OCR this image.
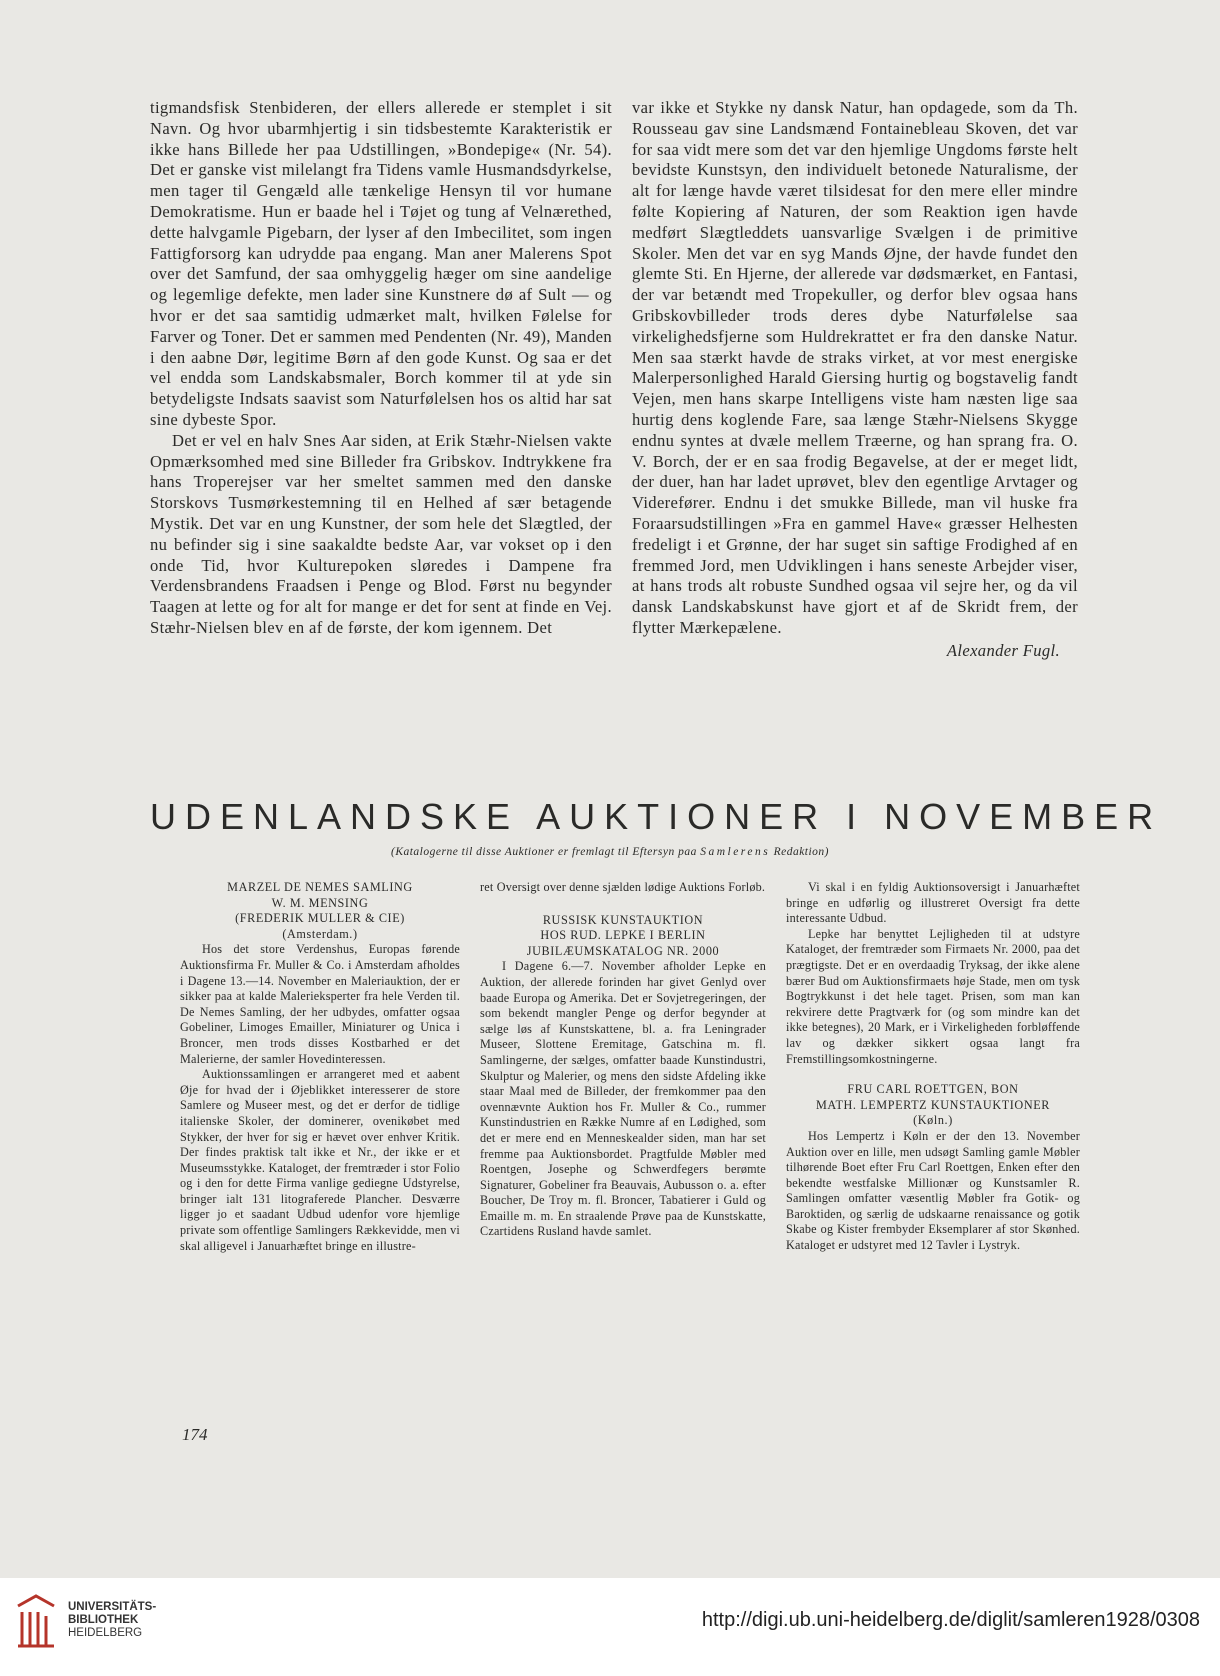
tigmandsfisk Stenbideren, der ellers allerede er stemplet i sit Navn. Og hvor ubarmhjertig i sin tidsbestemte Karakteristik er ikke hans Billede her paa Udstillingen, »Bondepige« (Nr. 54). Det er ganske vist milelangt fra Tidens vamle Husmandsdyrkelse, men tager til Gengæld alle tænkelige Hensyn til vor humane Demokratisme. Hun er baade hel i Tøjet og tung af Velnærethed, dette halvgamle Pigebarn, der lyser af den Imbecilitet, som ingen Fattigforsorg kan udrydde paa engang. Man aner Malerens Spot over det Samfund, der saa omhyggelig hæger om sine aandelige og legemlige defekte, men lader sine Kunstnere dø af Sult — og hvor er det saa samtidig udmærket malt, hvilken Følelse for Farver og Toner. Det er sammen med Pendenten (Nr. 49), Manden i den aabne Dør, legitime Børn af den gode Kunst. Og saa er det vel endda som Landskabsmaler, Borch kommer til at yde sin betydeligste Indsats saavist som Naturfølelsen hos os altid har sat sine dybeste Spor.

Det er vel en halv Snes Aar siden, at Erik Stæhr-Nielsen vakte Opmærksomhed med sine Billeder fra Gribskov. Indtrykkene fra hans Troperejser var her smeltet sammen med den danske Storskovs Tusmørkestemning til en Helhed af sær betagende Mystik. Det var en ung Kunstner, der som hele det Slægtled, der nu befinder sig i sine saakaldte bedste Aar, var vokset op i den onde Tid, hvor Kulturepoken sløredes i Dampene fra Verdensbrandens Fraadsen i Penge og Blod. Først nu begynder Taagen at lette og for alt for mange er det for sent at finde en Vej. Stæhr-Nielsen blev en af de første, der kom igennem. Det

var ikke et Stykke ny dansk Natur, han opdagede, som da Th. Rousseau gav sine Landsmænd Fontainebleau Skoven, det var for saa vidt mere som det var den hjemlige Ungdoms første helt bevidste Kunstsyn, den individuelt betonede Naturalisme, der alt for længe havde været tilsidesat for den mere eller mindre følte Kopiering af Naturen, der som Reaktion igen havde medført Slægtleddets uansvarlige Svælgen i de primitive Skoler. Men det var en syg Mands Øjne, der havde fundet den glemte Sti. En Hjerne, der allerede var dødsmærket, en Fantasi, der var betændt med Tropekuller, og derfor blev ogsaa hans Gribskovbilleder trods deres dybe Naturfølelse saa virkelighedsfjerne som Huldrekrattet er fra den danske Natur. Men saa stærkt havde de straks virket, at vor mest energiske Malerpersonlighed Harald Giersing hurtig og bogstavelig fandt Vejen, men hans skarpe Intelligens viste ham næsten lige saa hurtig dens koglende Fare, saa længe Stæhr-Nielsens Skygge endnu syntes at dvæle mellem Træerne, og han sprang fra. O. V. Borch, der er en saa frodig Begavelse, at der er meget lidt, der duer, han har ladet uprøvet, blev den egentlige Arvtager og Viderefører. Endnu i det smukke Billede, man vil huske fra Foraarsudstillingen »Fra en gammel Have« græsser Helhesten fredeligt i et Grønne, der har suget sin saftige Frodighed af en fremmed Jord, men Udviklingen i hans seneste Arbejder viser, at hans trods alt robuste Sundhed ogsaa vil sejre her, og da vil dansk Landskabskunst have gjort et af de Skridt frem, der flytter Mærkepælene.

Alexander Fugl.

UDENLANDSKE AUKTIONER I NOVEMBER
(Katalogerne til disse Auktioner er fremlagt til Eftersyn paa Samlerens Redaktion)

MARZEL DE NEMES SAMLING

W. M. MENSING

(FREDERIK MULLER & CIE)

(Amsterdam.)

Hos det store Verdenshus, Europas førende Auktionsfirma Fr. Muller & Co. i Amsterdam afholdes i Dagene 13.—14. November en Maleriauktion, der er sikker paa at kalde Malerieksperter fra hele Verden til. De Nemes Samling, der her udbydes, omfatter ogsaa Gobeliner, Limoges Emailler, Miniaturer og Unica i Broncer, men trods disses Kostbarhed er det Malerierne, der samler Hovedinteressen.

Auktionssamlingen er arrangeret med et aabent Øje for hvad der i Øjeblikket interesserer de store Samlere og Museer mest, og det er derfor de tidlige italienske Skoler, der dominerer, ovenikøbet med Stykker, der hver for sig er hævet over enhver Kritik. Der findes praktisk talt ikke et Nr., der ikke er et Museumsstykke. Kataloget, der fremtræder i stor Folio og i den for dette Firma vanlige gediegne Udstyrelse, bringer ialt 131 litograferede Plancher. Desværre ligger jo et saadant Udbud udenfor vore hjemlige private som offentlige Samlingers Rækkevidde, men vi skal alligevel i Januarhæftet bringe en illustre-

ret Oversigt over denne sjælden lødige Auktions Forløb.

RUSSISK KUNSTAUKTION

HOS RUD. LEPKE I BERLIN

JUBILÆUMSKATALOG NR. 2000

I Dagene 6.—7. November afholder Lepke en Auktion, der allerede forinden har givet Genlyd over baade Europa og Amerika. Det er Sovjetregeringen, der som bekendt mangler Penge og derfor begynder at sælge løs af Kunstskattene, bl. a. fra Leningrader Museer, Slottene Eremitage, Gatschina m. fl. Samlingerne, der sælges, omfatter baade Kunstindustri, Skulptur og Malerier, og mens den sidste Afdeling ikke staar Maal med de Billeder, der fremkommer paa den ovennævnte Auktion hos Fr. Muller & Co., rummer Kunstindustrien en Række Numre af en Lødighed, som det er mere end en Menneskealder siden, man har set fremme paa Auktionsbordet. Pragtfulde Møbler med Roentgen, Josephe og Schwerdfegers berømte Signaturer, Gobeliner fra Beauvais, Aubusson o. a. efter Boucher, De Troy m. fl. Broncer, Tabatierer i Guld og Emaille m. m. En straalende Prøve paa de Kunstskatte, Czartidens Rusland havde samlet.

Vi skal i en fyldig Auktionsoversigt i Januarhæftet bringe en udførlig og illustreret Oversigt fra dette interessante Udbud.

Lepke har benyttet Lejligheden til at udstyre Kataloget, der fremtræder som Firmaets Nr. 2000, paa det prægtigste. Det er en overdaadig Tryksag, der ikke alene bærer Bud om Auktionsfirmaets høje Stade, men om tysk Bogtrykkunst i det hele taget. Prisen, som man kan rekvirere dette Pragtværk for (og som mindre kan det ikke betegnes), 20 Mark, er i Virkeligheden forbløffende lav og dækker sikkert ogsaa langt fra Fremstillingsomkostningerne.

FRU CARL ROETTGEN, BON

MATH. LEMPERTZ KUNSTAUKTIONER

(Køln.)

Hos Lempertz i Køln er der den 13. November Auktion over en lille, men udsøgt Samling gamle Møbler tilhørende Boet efter Fru Carl Roettgen, Enken efter den bekendte westfalske Millionær og Kunstsamler R. Samlingen omfatter væsentlig Møbler fra Gotik- og Baroktiden, og særlig de udskaarne renaissance og gotik Skabe og Kister frembyder Eksemplarer af stor Skønhed. Kataloget er udstyret med 12 Tavler i Lystryk.

174
UNIVERSITÄTS-
BIBLIOTHEK
HEIDELBERG
http://digi.ub.uni-heidelberg.de/diglit/samleren1928/0308
